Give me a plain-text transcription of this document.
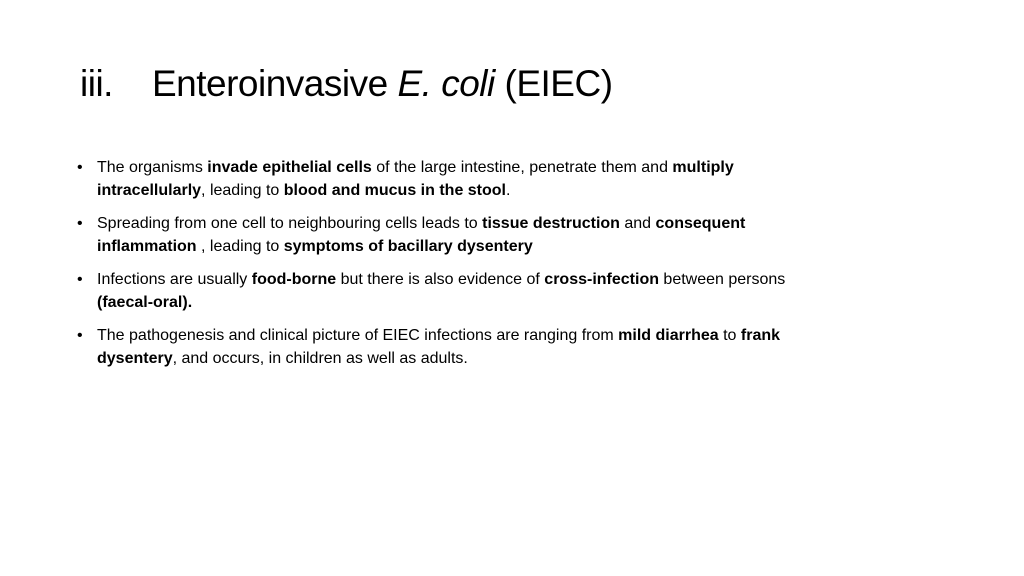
iii. Enteroinvasive E. coli (EIEC)
• The organisms invade epithelial cells of the large intestine, penetrate them and multiply intracellularly, leading to blood and mucus in the stool.
• Spreading from one cell to neighbouring cells leads to tissue destruction and consequent inflammation , leading to symptoms of bacillary dysentery
• Infections are usually food-borne but there is also evidence of cross-infection between persons (faecal-oral).
• The pathogenesis and clinical picture of EIEC infections are ranging from mild diarrhea to frank dysentery, and occurs, in children as well as adults.
